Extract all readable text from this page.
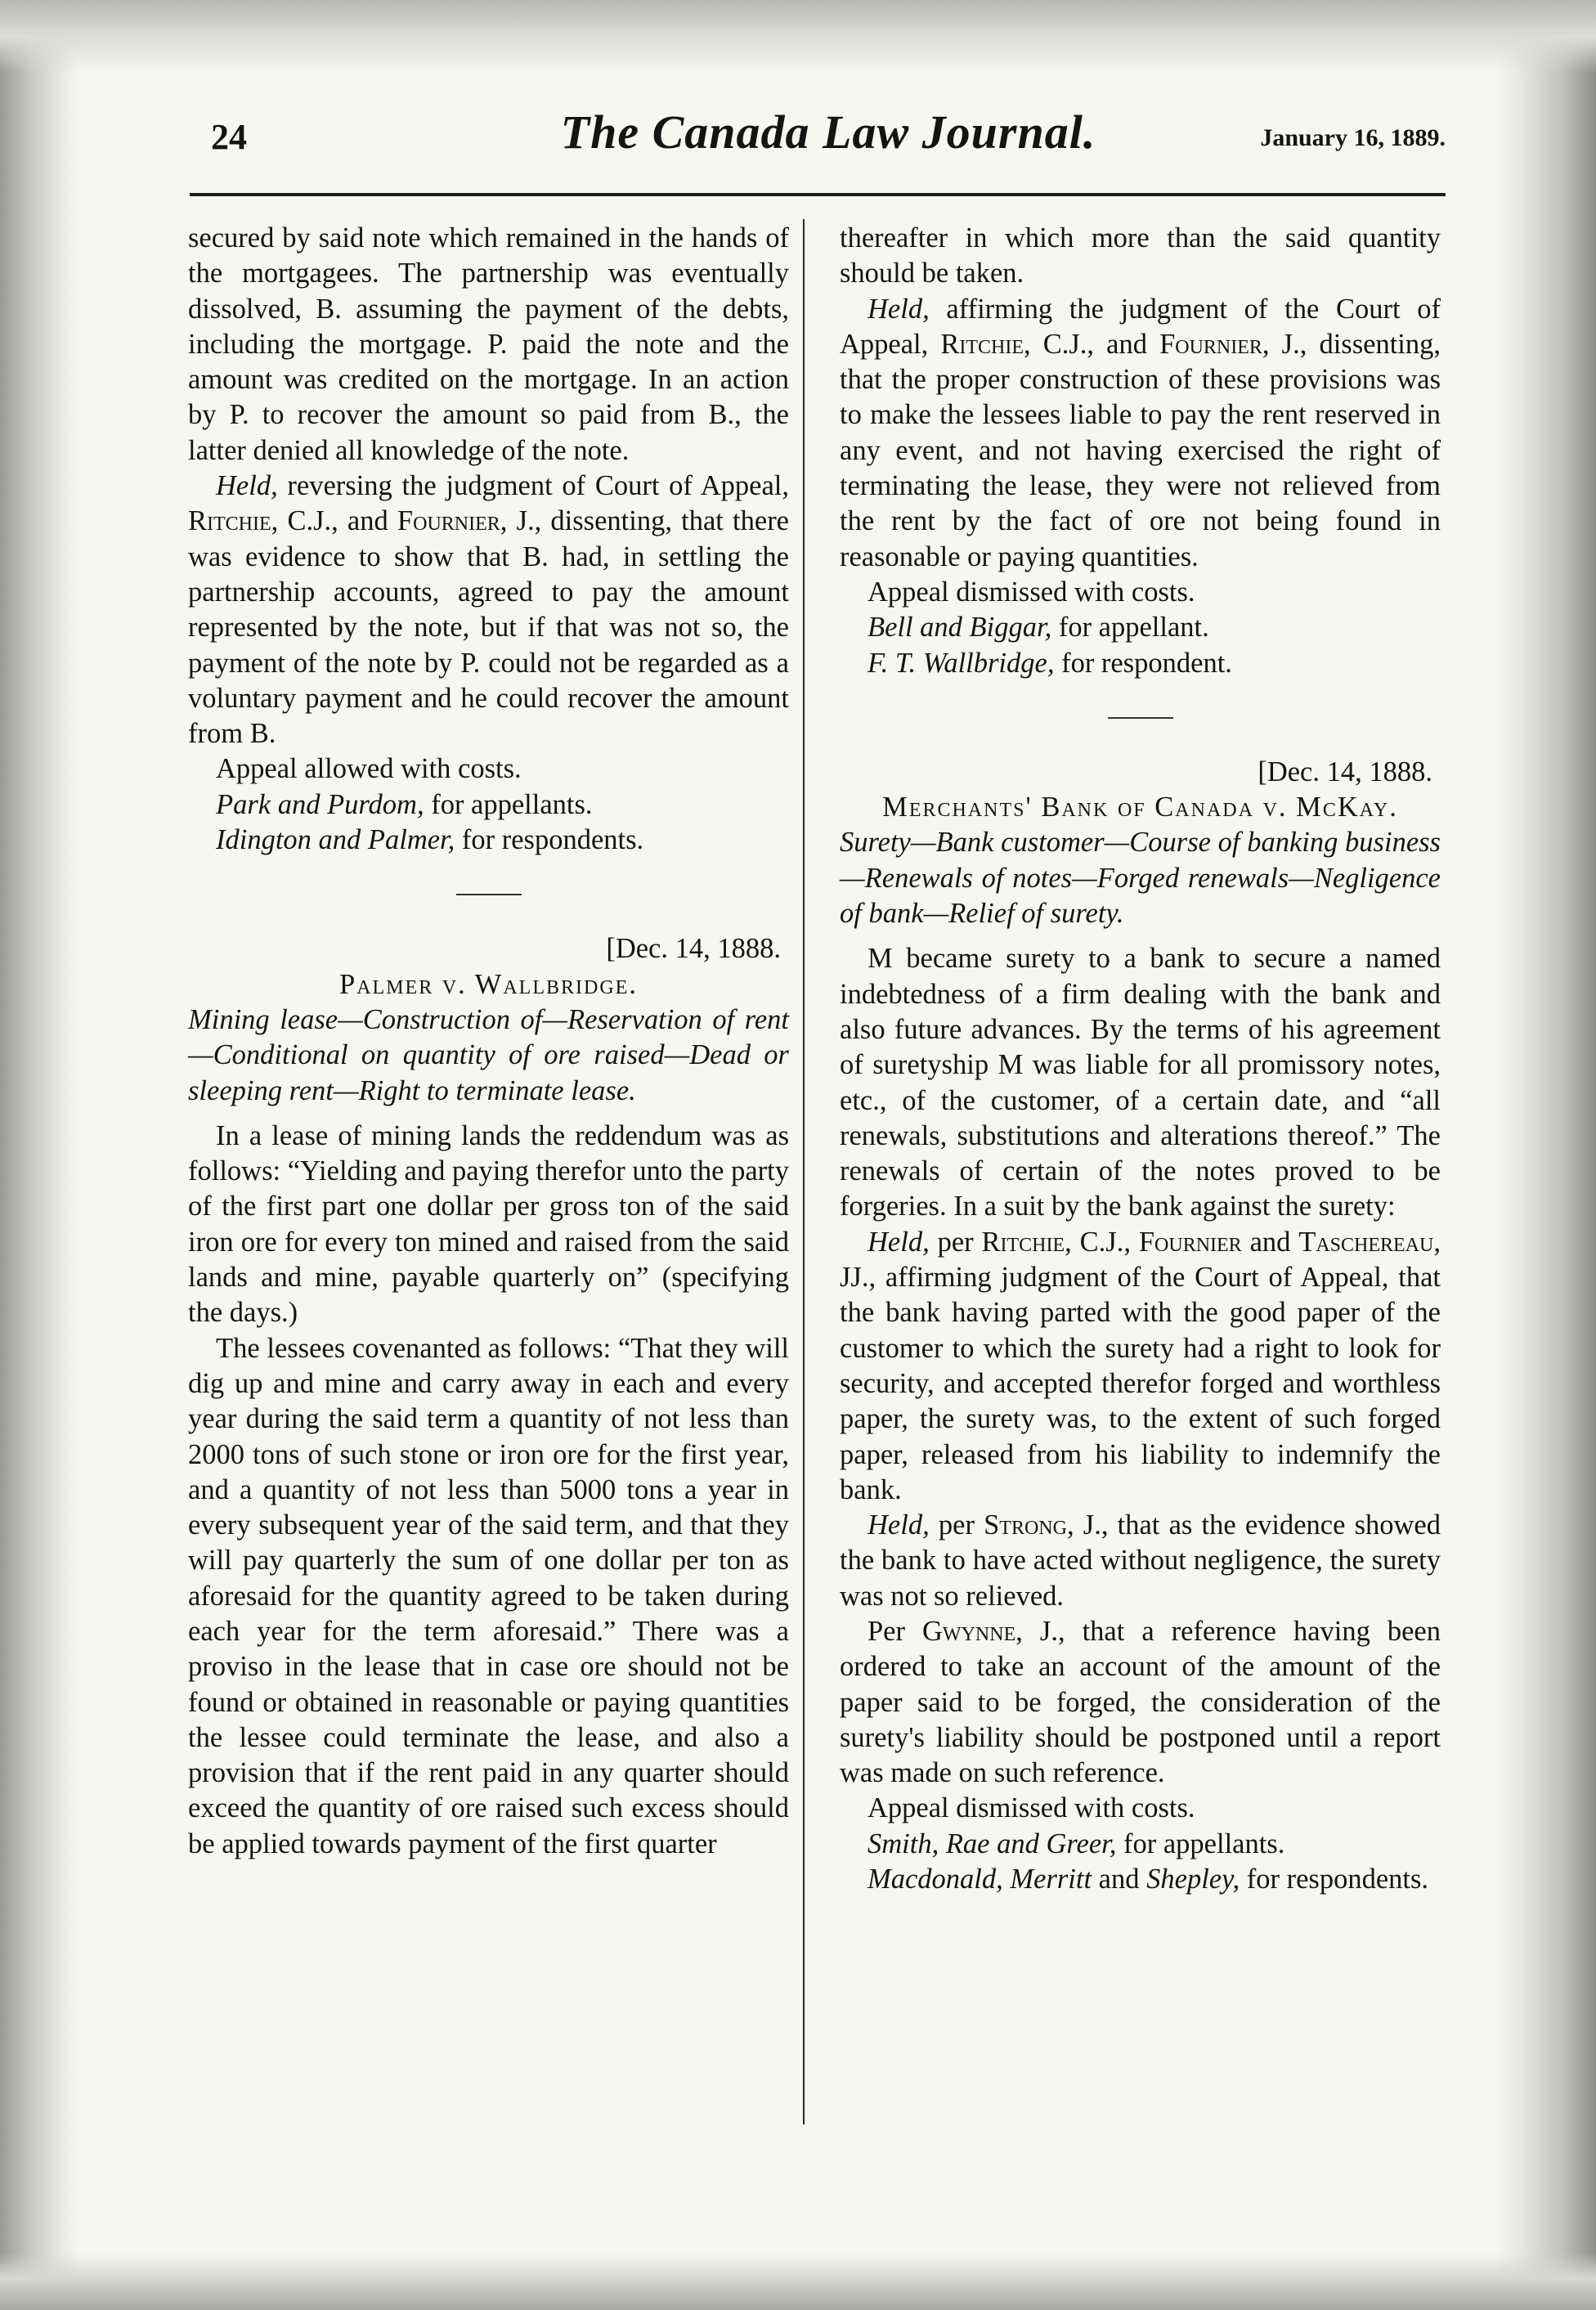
24	The Canada Law Journal.	January 16, 1889.

secured by said note which remained in the hands of the mortgagees. The partnership was eventually dissolved, B. assuming the payment of the debts, including the mortgage. P. paid the note and the amount was credited on the mortgage. In an action by P. to recover the amount so paid from B., the latter denied all knowledge of the note.

Held, reversing the judgment of Court of Appeal, Ritchie, C.J., and Fournier, J., dissenting, that there was evidence to show that B. had, in settling the partnership accounts, agreed to pay the amount represented by the note, but if that was not so, the payment of the note by P. could not be regarded as a voluntary payment and he could recover the amount from B.

Appeal allowed with costs.

Park and Purdom, for appellants.

Idington and Palmer, for respondents.

[Dec. 14, 1888.

Palmer v. Wallbridge.

Mining lease—Construction of—Reservation of rent—Conditional on quantity of ore raised—Dead or sleeping rent—Right to terminate lease.

In a lease of mining lands the reddendum was as follows: “Yielding and paying therefor unto the party of the first part one dollar per gross ton of the said iron ore for every ton mined and raised from the said lands and mine, payable quarterly on” (specifying the days.)

The lessees covenanted as follows: “That they will dig up and mine and carry away in each and every year during the said term a quantity of not less than 2000 tons of such stone or iron ore for the first year, and a quantity of not less than 5000 tons a year in every subsequent year of the said term, and that they will pay quarterly the sum of one dollar per ton as aforesaid for the quantity agreed to be taken during each year for the term aforesaid.” There was a proviso in the lease that in case ore should not be found or obtained in reasonable or paying quantities the lessee could terminate the lease, and also a provision that if the rent paid in any quarter should exceed the quantity of ore raised such excess should be applied towards payment of the first quarter

thereafter in which more than the said quantity should be taken.

Held, affirming the judgment of the Court of Appeal, Ritchie, C.J., and Fournier, J., dissenting, that the proper construction of these provisions was to make the lessees liable to pay the rent reserved in any event, and not having exercised the right of terminating the lease, they were not relieved from the rent by the fact of ore not being found in reasonable or paying quantities.

Appeal dismissed with costs.

Bell and Biggar, for appellant.

F. T. Wallbridge, for respondent.

[Dec. 14, 1888.

Merchants' Bank of Canada v. McKay.

Surety—Bank customer—Course of banking business—Renewals of notes—Forged renewals—Negligence of bank—Relief of surety.

M became surety to a bank to secure a named indebtedness of a firm dealing with the bank and also future advances. By the terms of his agreement of suretyship M was liable for all promissory notes, etc., of the customer, of a certain date, and “all renewals, substitutions and alterations thereof.” The renewals of certain of the notes proved to be forgeries. In a suit by the bank against the surety:

Held, per Ritchie, C.J., Fournier and Taschereau, JJ., affirming judgment of the Court of Appeal, that the bank having parted with the good paper of the customer to which the surety had a right to look for security, and accepted therefor forged and worthless paper, the surety was, to the extent of such forged paper, released from his liability to indemnify the bank.

Held, per Strong, J., that as the evidence showed the bank to have acted without negligence, the surety was not so relieved.

Per Gwynne, J., that a reference having been ordered to take an account of the amount of the paper said to be forged, the consideration of the surety's liability should be postponed until a report was made on such reference.

Appeal dismissed with costs.

Smith, Rae and Greer, for appellants.

Macdonald, Merritt and Shepley, for respondents.
